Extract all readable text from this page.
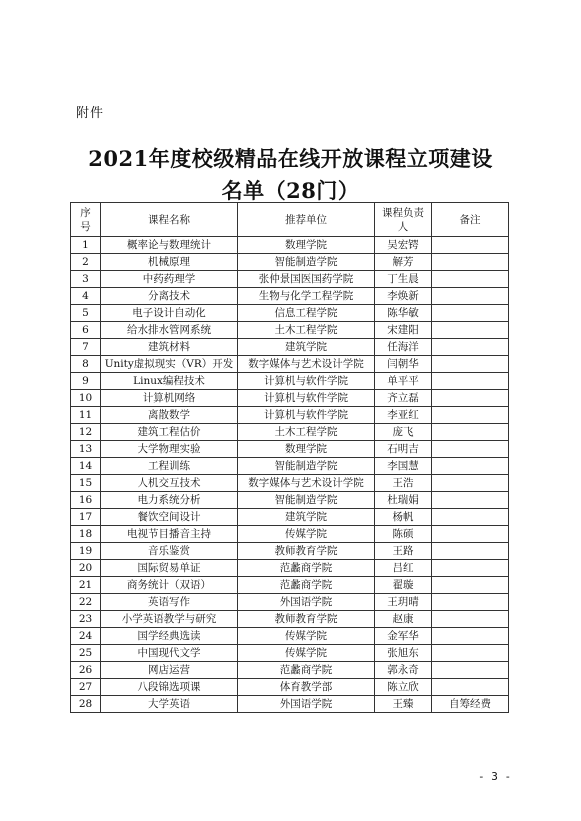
附件
2021年度校级精品在线开放课程立项建设
名单（28门）
序号	课程名称	推荐单位	课程负责人	备注
1	概率论与数理统计	数理学院	吴宏锷	
2	机械原理	智能制造学院	解芳	
3	中药药理学	张仲景国医国药学院	丁生晨	
4	分离技术	生物与化学工程学院	李焕新	
5	电子设计自动化	信息工程学院	陈华敏	
6	给水排水管网系统	土木工程学院	宋建阳	
7	建筑材料	建筑学院	任海洋	
8	Unity虚拟现实（VR）开发	数字媒体与艺术设计学院	闫朝华	
9	Linux编程技术	计算机与软件学院	单平平	
10	计算机网络	计算机与软件学院	齐立磊	
11	离散数学	计算机与软件学院	李亚红	
12	建筑工程估价	土木工程学院	庞飞	
13	大学物理实验	数理学院	石明吉	
14	工程训练	智能制造学院	李国慧	
15	人机交互技术	数字媒体与艺术设计学院	王浩	
16	电力系统分析	智能制造学院	杜瑞娟	
17	餐饮空间设计	建筑学院	杨帆	
18	电视节目播音主持	传媒学院	陈硕	
19	音乐鉴赏	教师教育学院	王路	
20	国际贸易单证	范蠡商学院	吕红	
21	商务统计（双语）	范蠡商学院	翟璇	
22	英语写作	外国语学院	王玥晴	
23	小学英语教学与研究	教师教育学院	赵康	
24	国学经典选读	传媒学院	金军华	
25	中国现代文学	传媒学院	张旭东	
26	网店运营	范蠡商学院	郭永奇	
27	八段锦选项课	体育教学部	陈立欣	
28	大学英语	外国语学院	王臻	自筹经费
- 3 -
